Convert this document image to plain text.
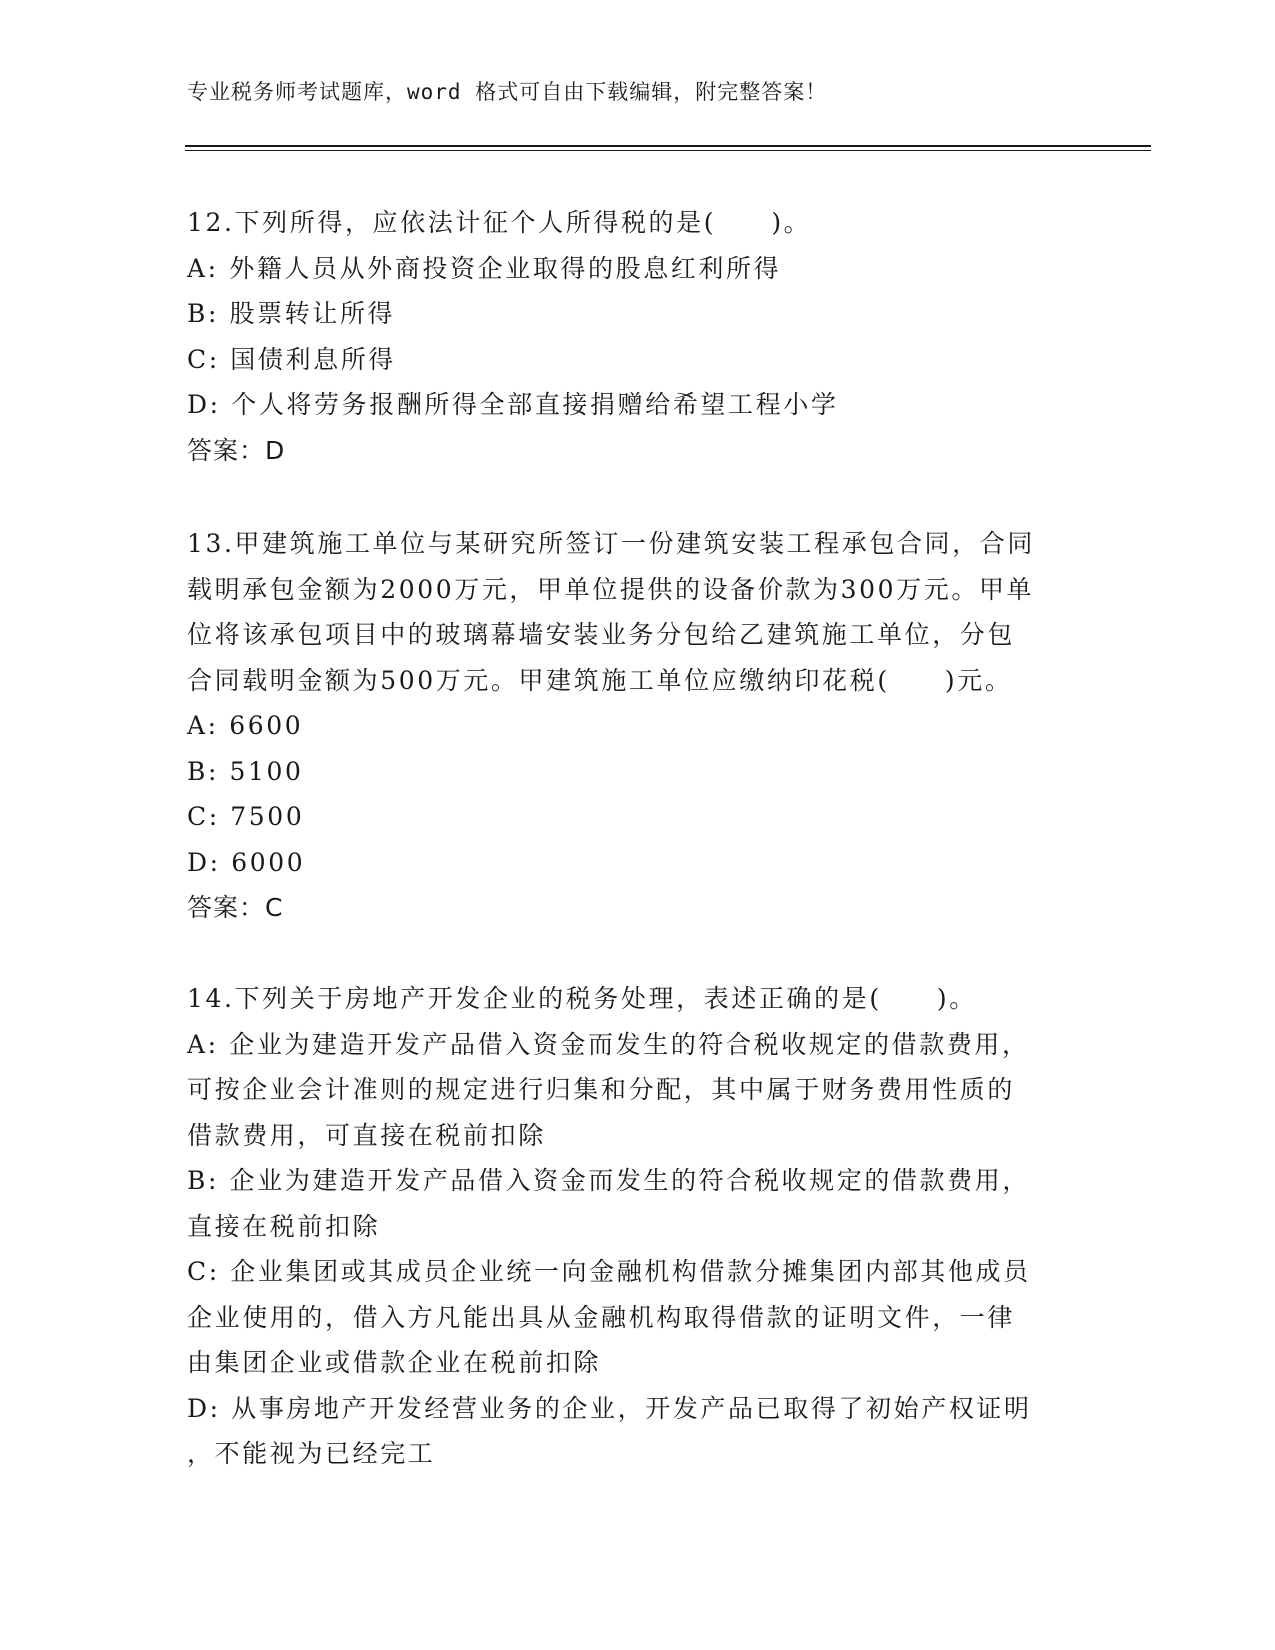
专业税务师考试题库，word 格式可自由下载编辑，附完整答案！
12.下列所得，应依法计征个人所得税的是(　　)。
A: 外籍人员从外商投资企业取得的股息红利所得
B: 股票转让所得
C: 国债利息所得
D: 个人将劳务报酬所得全部直接捐赠给希望工程小学
答案：D
13.甲建筑施工单位与某研究所签订一份建筑安装工程承包合同，合同
载明承包金额为2000万元，甲单位提供的设备价款为300万元。甲单
位将该承包项目中的玻璃幕墙安装业务分包给乙建筑施工单位，分包
合同载明金额为500万元。甲建筑施工单位应缴纳印花税(　　)元。
A: 6600
B: 5100
C: 7500
D: 6000
答案：C
14.下列关于房地产开发企业的税务处理，表述正确的是(　　)。
A: 企业为建造开发产品借入资金而发生的符合税收规定的借款费用，
可按企业会计准则的规定进行归集和分配，其中属于财务费用性质的
借款费用，可直接在税前扣除
B: 企业为建造开发产品借入资金而发生的符合税收规定的借款费用，
直接在税前扣除
C: 企业集团或其成员企业统一向金融机构借款分摊集团内部其他成员
企业使用的，借入方凡能出具从金融机构取得借款的证明文件，一律
由集团企业或借款企业在税前扣除
D: 从事房地产开发经营业务的企业，开发产品已取得了初始产权证明
，不能视为已经完工
